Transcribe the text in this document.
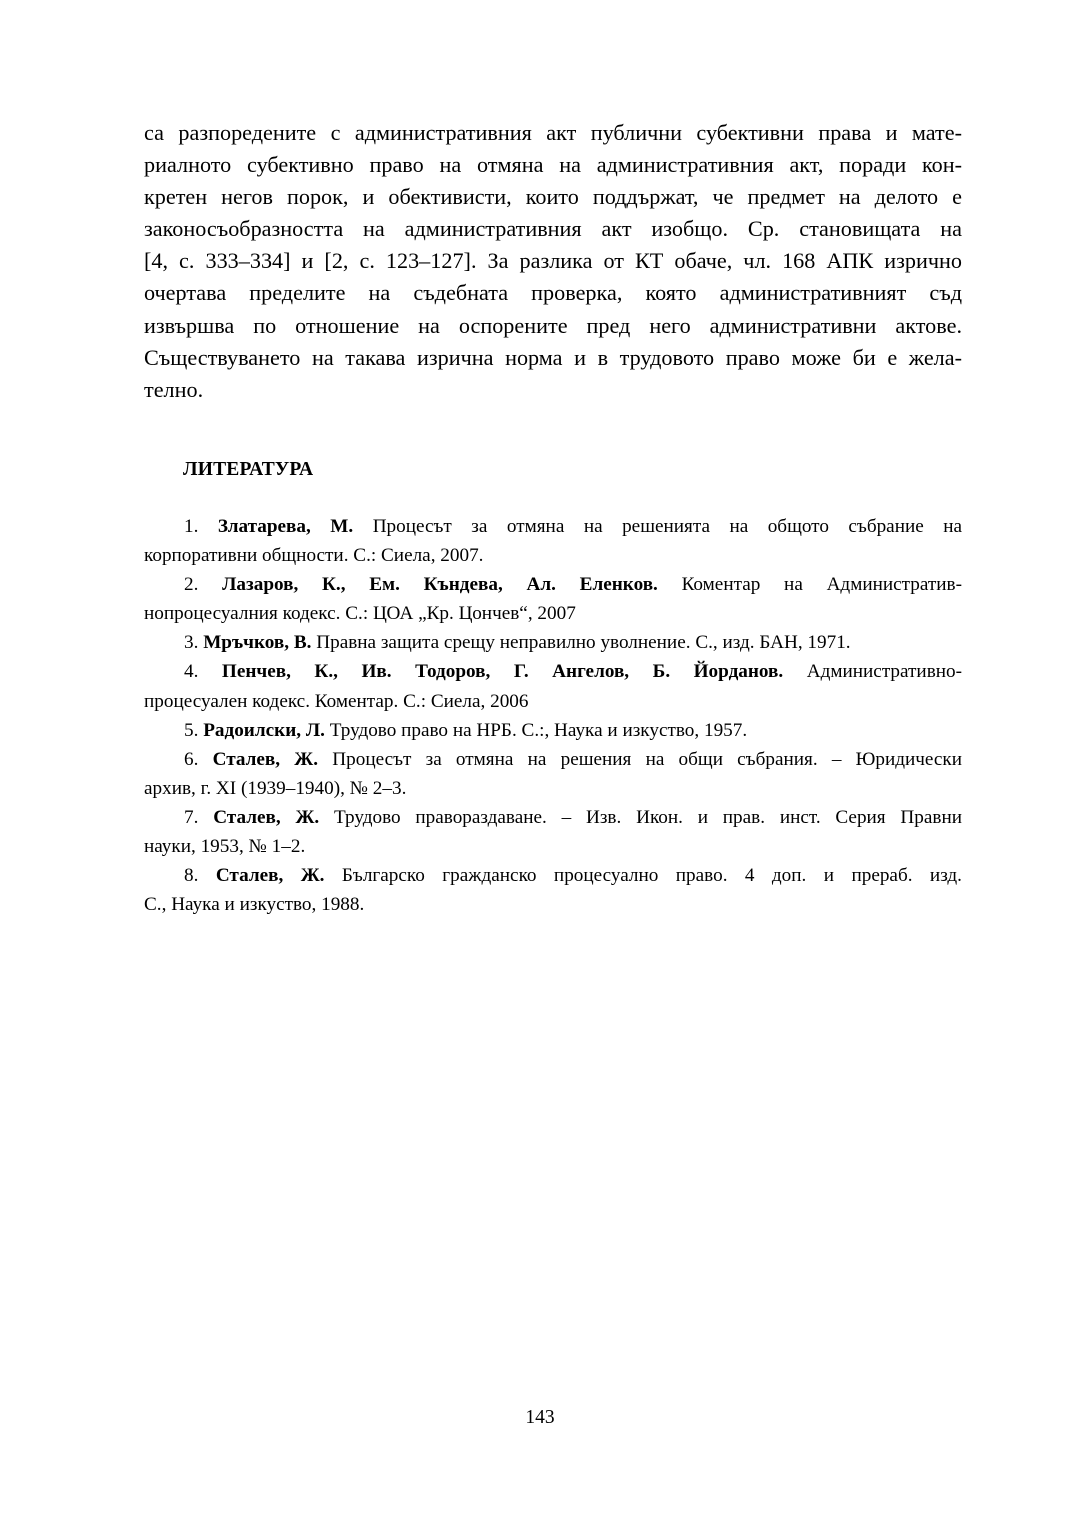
са разпоредените с административния акт публични субективни права и мате-
риалното субективно право на отмяна на административния акт, поради кон-
кретен негов порок, и обективисти, които поддържат, че предмет на делото е
законосъобразността на административния акт изобщо. Ср. становищата на
[4, с. 333–334] и [2, с. 123–127]. За разлика от КТ обаче, чл. 168 АПК изрично
очертава пределите на съдебната проверка, която административният съд
извършва по отношение на оспорените пред него административни актове.
Съществуването на такава изрична норма и в трудовото право може би е жела-
телно.
ЛИТЕРАТУРА
1. Златарева, М. Процесът за отмяна на решенията на общото събрание на
корпоративни общности. С.: Сиела, 2007.
2. Лазаров, К., Ем. Къндева, Ал. Еленков. Коментар на Административ-
нопроцесуалния кодекс. С.: ЦОА „Кр. Цончев“, 2007
3. Мръчков, В. Правна защита срещу неправилно уволнение. С., изд. БАН, 1971.
4. Пенчев, К., Ив. Тодоров, Г. Ангелов, Б. Йорданов. Административно-
процесуален кодекс. Коментар. С.: Сиела, 2006
5. Радоилски, Л. Трудово право на НРБ. С.:, Наука и изкуство, 1957.
6. Сталев, Ж. Процесът за отмяна на решения на общи събрания. – Юридически
архив, г. XI (1939–1940), № 2–3.
7. Сталев, Ж. Трудово правораздаване. – Изв. Икон. и прав. инст. Серия Правни
науки, 1953, № 1–2.
8. Сталев, Ж. Българско гражданско процесуално право. 4 доп. и прераб. изд.
С., Наука и изкуство, 1988.
143
